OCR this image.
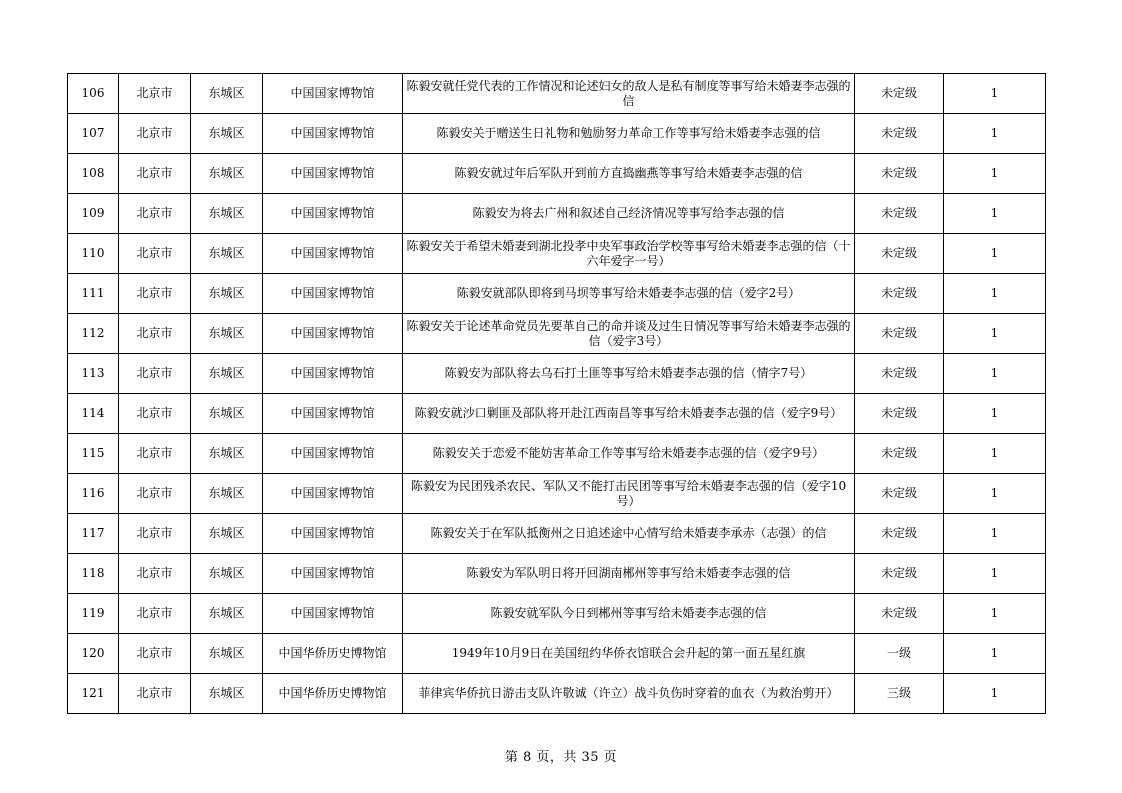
106	北京市	东城区	中国国家博物馆	陈毅安就任党代表的工作情况和论述妇女的敌人是私有制度等事写给未婚妻李志强的信	未定级	1
107	北京市	东城区	中国国家博物馆	陈毅安关于赠送生日礼物和勉励努力革命工作等事写给未婚妻李志强的信	未定级	1
108	北京市	东城区	中国国家博物馆	陈毅安就过年后军队开到前方直捣幽燕等事写给未婚妻李志强的信	未定级	1
109	北京市	东城区	中国国家博物馆	陈毅安为将去广州和叙述自己经济情况等事写给李志强的信	未定级	1
110	北京市	东城区	中国国家博物馆	陈毅安关于希望未婚妻到湖北投孝中央军事政治学校等事写给未婚妻李志强的信（十六年爱字一号）	未定级	1
111	北京市	东城区	中国国家博物馆	陈毅安就部队即将到马坝等事写给未婚妻李志强的信（爱字2号）	未定级	1
112	北京市	东城区	中国国家博物馆	陈毅安关于论述革命党员先要革自己的命并谈及过生日情况等事写给未婚妻李志强的信（爱字3号）	未定级	1
113	北京市	东城区	中国国家博物馆	陈毅安为部队将去乌石打土匪等事写给未婚妻李志强的信（情字7号）	未定级	1
114	北京市	东城区	中国国家博物馆	陈毅安就沙口剿匪及部队将开赴江西南昌等事写给未婚妻李志强的信（爱字9号）	未定级	1
115	北京市	东城区	中国国家博物馆	陈毅安关于恋爱不能妨害革命工作等事写给未婚妻李志强的信（爱字9号）	未定级	1
116	北京市	东城区	中国国家博物馆	陈毅安为民团残杀农民、军队又不能打击民团等事写给未婚妻李志强的信（爱字10号）	未定级	1
117	北京市	东城区	中国国家博物馆	陈毅安关于在军队抵衡州之日追述途中心情写给未婚妻李承赤（志强）的信	未定级	1
118	北京市	东城区	中国国家博物馆	陈毅安为军队明日将开回湖南郴州等事写给未婚妻李志强的信	未定级	1
119	北京市	东城区	中国国家博物馆	陈毅安就军队今日到郴州等事写给未婚妻李志强的信	未定级	1
120	北京市	东城区	中国华侨历史博物馆	1949年10月9日在美国纽约华侨衣馆联合会升起的第一面五星红旗	一级	1
121	北京市	东城区	中国华侨历史博物馆	菲律宾华侨抗日游击支队许敬诚（许立）战斗负伤时穿着的血衣（为救治剪开）	三级	1
第 8 页，共 35 页
